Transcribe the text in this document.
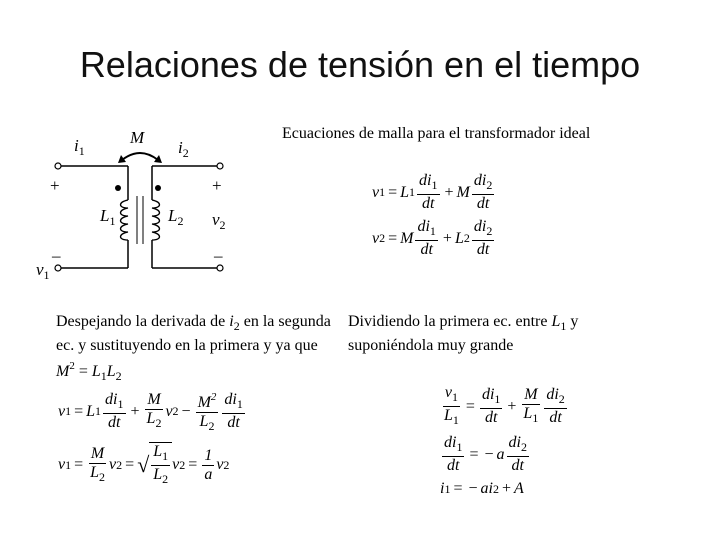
Relaciones de tensión en el tiempo
$i_1$
M
$i_2$
+	+
–	–
$L_1$	$L_2$
$v_1$
$v_2$
Ecuaciones de malla para el transformador ideal
v 1 = L $1 \frac{di_1}{dt} + M \frac{di_2}{dt}$
v 2 = M $\frac{di_1}{dt} + L$ $2 \frac{di_2}{dt}$
Despejando la derivada de $i_2$ en la segunda ec. y sustituyendo en la primera y ya que $M^2 = L_1L_2$
Dividiendo la primera ec. entre $L_1$ y suponiéndola muy grande
v 1 = L $1 \frac{di_1}{dt} + \frac{M}{L_2}$ v $2 - \frac{M^2}{L_2} \frac{di_1}{dt}$
v $1 = \frac{M}{L_2}$ v 2 = √ $\frac{L_1}{L_2}$ v $2 = \frac{1}{a}$ v 2
$\frac{v_1}{L_1} = \frac{di_1}{dt} + \frac{M}{L_1} \frac{di_2}{dt}$
$\frac{di_1}{dt}$ = − a $\frac{di_2}{dt}$
i 1 = − a i 2 + A
